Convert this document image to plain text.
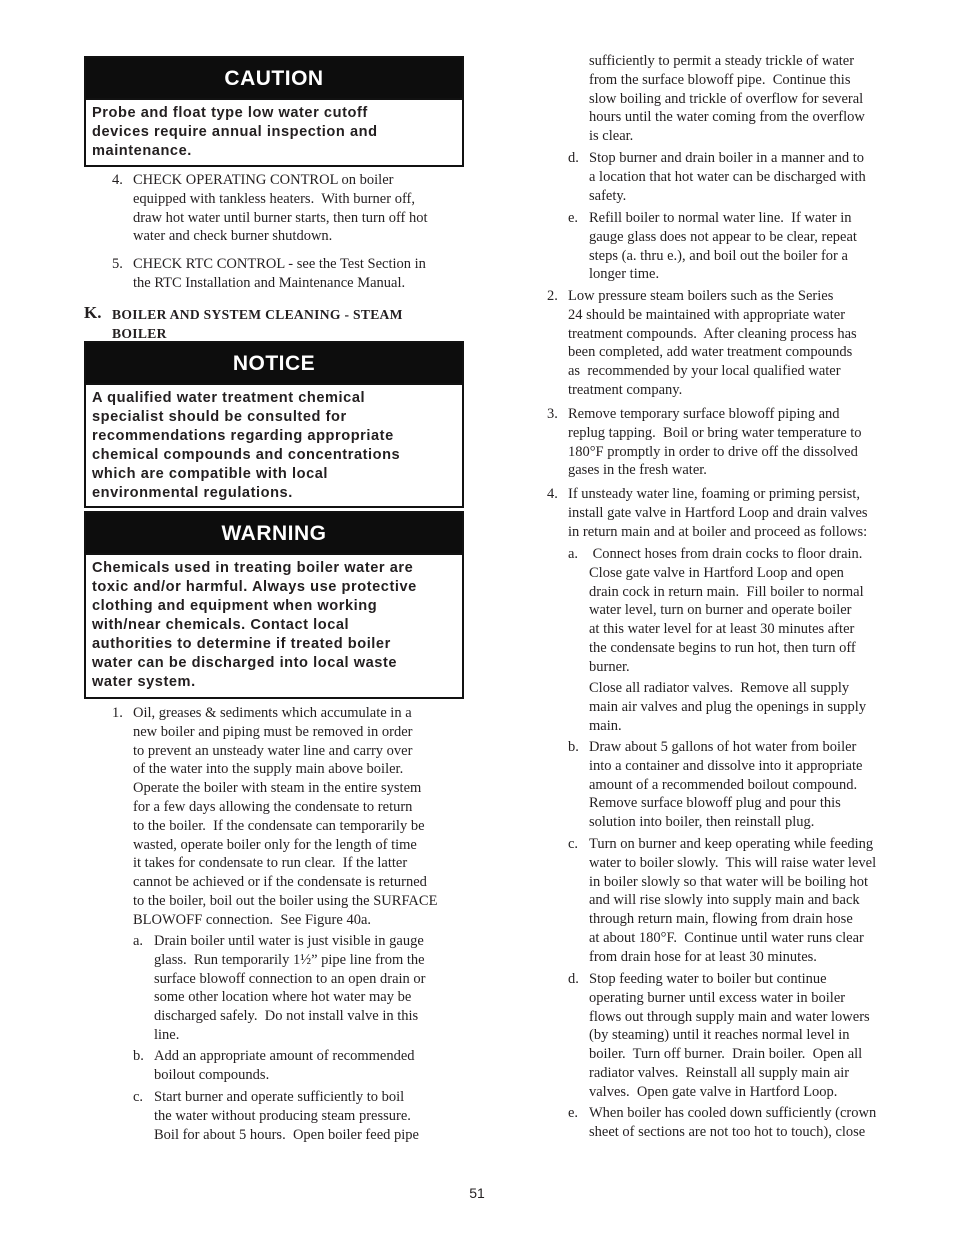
CAUTION
Probe and float type low water cutoff
devices require annual inspection and
maintenance.
4. CHECK OPERATING CONTROL on boiler
equipped with tankless heaters.  With burner off,
draw hot water until burner starts, then turn off hot
water and check burner shutdown.

5. CHECK RTC CONTROL - see the Test Section in
the RTC Installation and Maintenance Manual.

K. BOILER AND SYSTEM CLEANING - STEAM
BOILER

NOTICE
A qualified water treatment chemical
specialist should be consulted for
recommendations regarding appropriate
chemical compounds and concentrations
which are compatible with local
environmental regulations.
WARNING
Chemicals used in treating boiler water are
toxic and/or harmful. Always use protective
clothing and equipment when working
with/near chemicals. Contact local
authorities to determine if treated boiler
water can be discharged into local waste
water system.
1. Oil, greases & sediments which accumulate in a
new boiler and piping must be removed in order
to prevent an unsteady water line and carry over
of the water into the supply main above boiler.
Operate the boiler with steam in the entire system
for a few days allowing the condensate to return
to the boiler.  If the condensate can temporarily be
wasted, operate boiler only for the length of time
it takes for condensate to run clear.  If the latter
cannot be achieved or if the condensate is returned
to the boiler, boil out the boiler using the SURFACE
BLOWOFF connection.  See Figure 40a.

a. Drain boiler until water is just visible in gauge
glass.  Run temporarily 1½” pipe line from the
surface blowoff connection to an open drain or
some other location where hot water may be
discharged safely.  Do not install valve in this
line.

b. Add an appropriate amount of recommended
boilout compounds.

c. Start burner and operate sufficiently to boil
the water without producing steam pressure.
Boil for about 5 hours.  Open boiler feed pipe

sufficiently to permit a steady trickle of water
from the surface blowoff pipe.  Continue this
slow boiling and trickle of overflow for several
hours until the water coming from the overflow
is clear.

d. Stop burner and drain boiler in a manner and to
a location that hot water can be discharged with
safety.

e. Refill boiler to normal water line.  If water in
gauge glass does not appear to be clear, repeat
steps (a. thru e.), and boil out the boiler for a
longer time.

2. Low pressure steam boilers such as the Series
24 should be maintained with appropriate water
treatment compounds.  After cleaning process has
been completed, add water treatment compounds
as  recommended by your local qualified water
treatment company.

3. Remove temporary surface blowoff piping and
replug tapping.  Boil or bring water temperature to
180°F promptly in order to drive off the dissolved
gases in the fresh water.

4. If unsteady water line, foaming or priming persist,
install gate valve in Hartford Loop and drain valves
in return main and at boiler and proceed as follows:

a. Connect hoses from drain cocks to floor drain.
Close gate valve in Hartford Loop and open
drain cock in return main.  Fill boiler to normal
water level, turn on burner and operate boiler
at this water level for at least 30 minutes after
the condensate begins to run hot, then turn off
burner.

Close all radiator valves.  Remove all supply
main air valves and plug the openings in supply
main.

b. Draw about 5 gallons of hot water from boiler
into a container and dissolve into it appropriate
amount of a recommended boilout compound.
Remove surface blowoff plug and pour this
solution into boiler, then reinstall plug.

c. Turn on burner and keep operating while feeding
water to boiler slowly.  This will raise water level
in boiler slowly so that water will be boiling hot
and will rise slowly into supply main and back
through return main, flowing from drain hose
at about 180°F.  Continue until water runs clear
from drain hose for at least 30 minutes.

d. Stop feeding water to boiler but continue
operating burner until excess water in boiler
flows out through supply main and water lowers
(by steaming) until it reaches normal level in
boiler.  Turn off burner.  Drain boiler.  Open all
radiator valves.  Reinstall all supply main air
valves.  Open gate valve in Hartford Loop.

e. When boiler has cooled down sufficiently (crown
sheet of sections are not too hot to touch), close

51
